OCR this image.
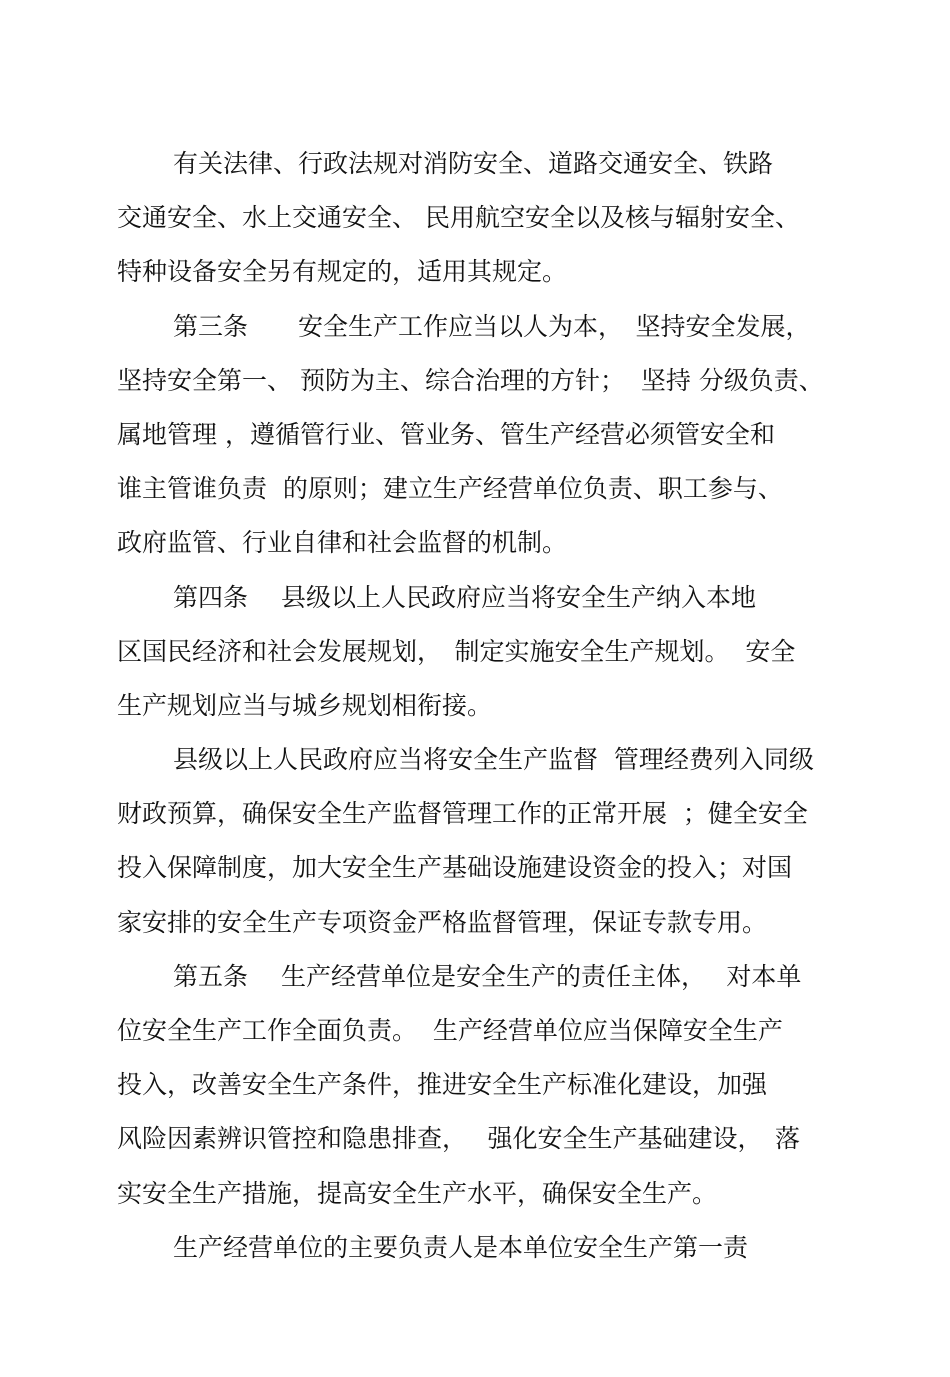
有关法律、行政法规对消防安全、道路交通安全、铁路
交通安全、水上交通安全、 民用航空安全以及核与辐射安全、
特种设备安全另有规定的，适用其规定。
第三条　　安全生产工作应当以人为本，　坚持安全发展，
坚持安全第一、 预防为主、综合治理的方针；  坚持 分级负责、
属地管理 ，遵循管行业、管业务、管生产经营必须管安全和
谁主管谁负责  的原则；建立生产经营单位负责、职工参与、
政府监管、行业自律和社会监督的机制。
第四条　 县级以上人民政府应当将安全生产纳入本地
区国民经济和社会发展规划，　制定实施安全生产规划。  安全
生产规划应当与城乡规划相衔接。
县级以上人民政府应当将安全生产监督  管理经费列入同级
财政预算，确保安全生产监督管理工作的正常开展  ；健全安全
投入保障制度，加大安全生产基础设施建设资金的投入；对国
家安排的安全生产专项资金严格监督管理，保证专款专用。
第五条　 生产经营单位是安全生产的责任主体，　 对本单
位安全生产工作全面负责。  生产经营单位应当保障安全生产
投入，改善安全生产条件，推进安全生产标准化建设，加强
风险因素辨识管控和隐患排查，　 强化安全生产基础建设，　落
实安全生产措施，提高安全生产水平，确保安全生产。
生产经营单位的主要负责人是本单位安全生产第一责
